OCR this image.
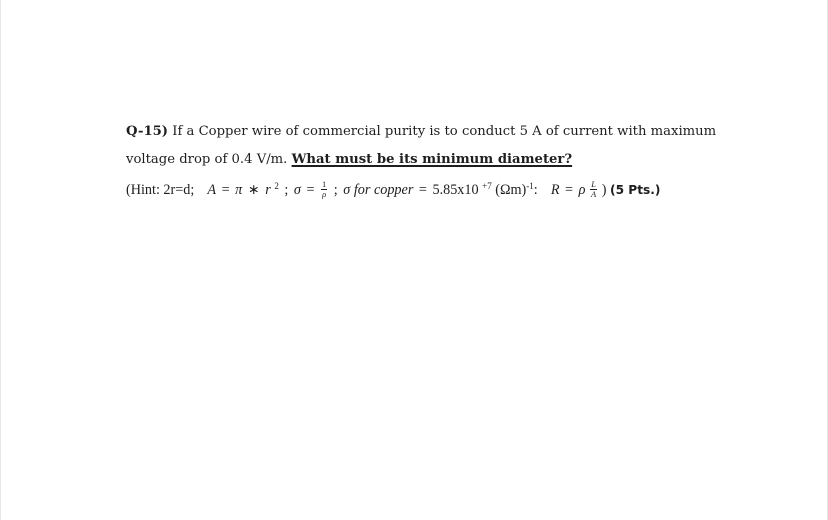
Q-15) If a Copper wire of commercial purity is to conduct 5 A of current with maximum
voltage drop of 0.4 V/m. What must be its minimum diameter?
(Hint: 2r=d; A = π ∗ r $^2$ ; $\sigma = \frac{1}{\rho}$ ; σ for copper = 5.85x10 $^{+7}$ $(\Omega m)^{-1}$: R = ρ $\frac{L}{A}$ ) (5 Pts.)
